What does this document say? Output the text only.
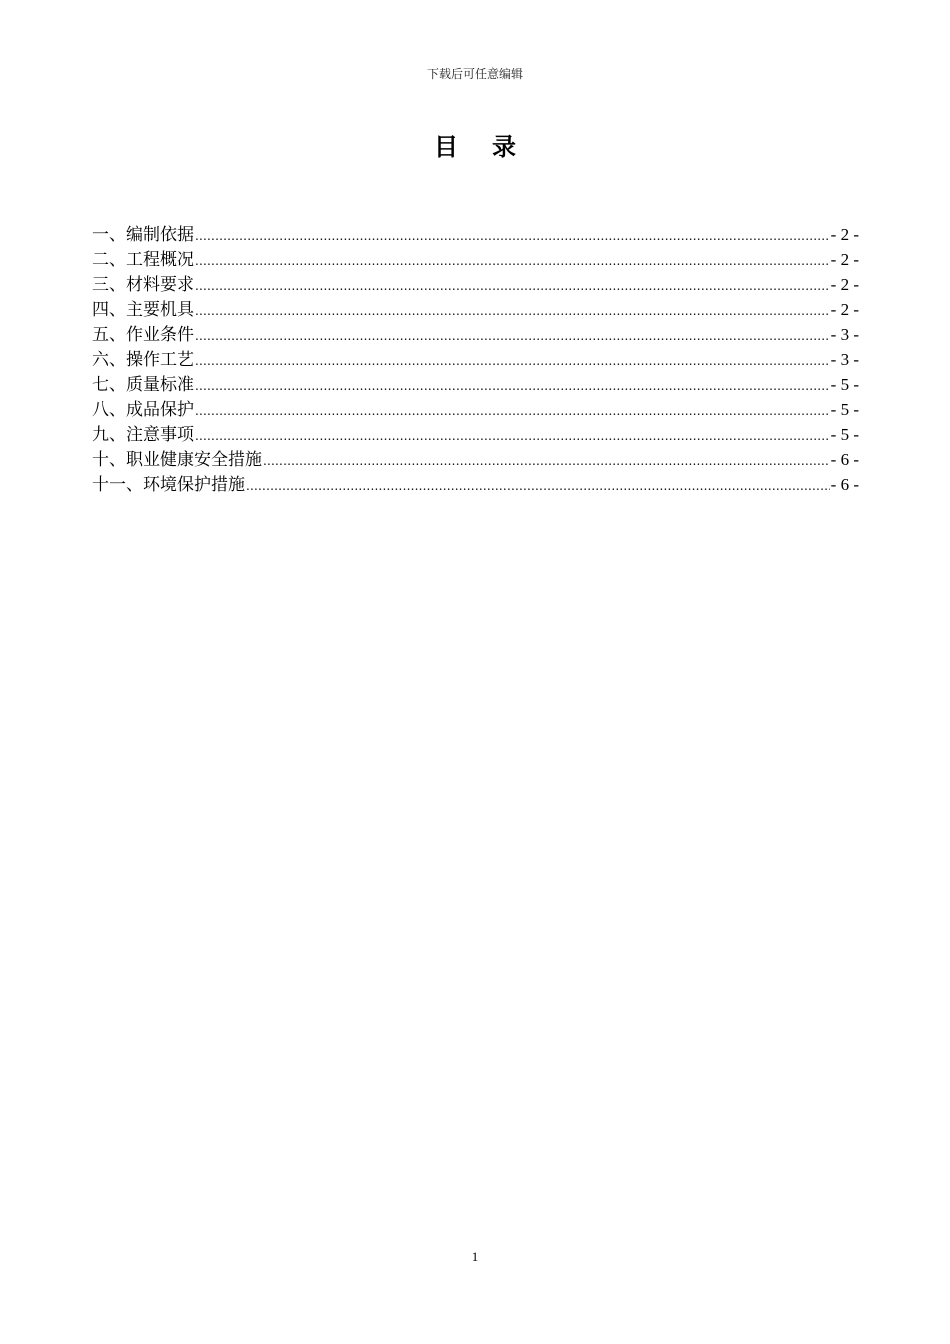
下载后可任意编辑
目录
一、编制依据 .....	- 2 -
二、工程概况 .....	- 2 -
三、材料要求 .....	- 2 -
四、主要机具 .....	- 2 -
五、作业条件 .....	- 3 -
六、操作工艺 .....	- 3 -
七、质量标准 .....	- 5 -
八、成品保护 .....	- 5 -
九、注意事项 .....	- 5 -
十、职业健康安全措施 .....	- 6 -
十一、环境保护措施 .....	- 6 -
1
